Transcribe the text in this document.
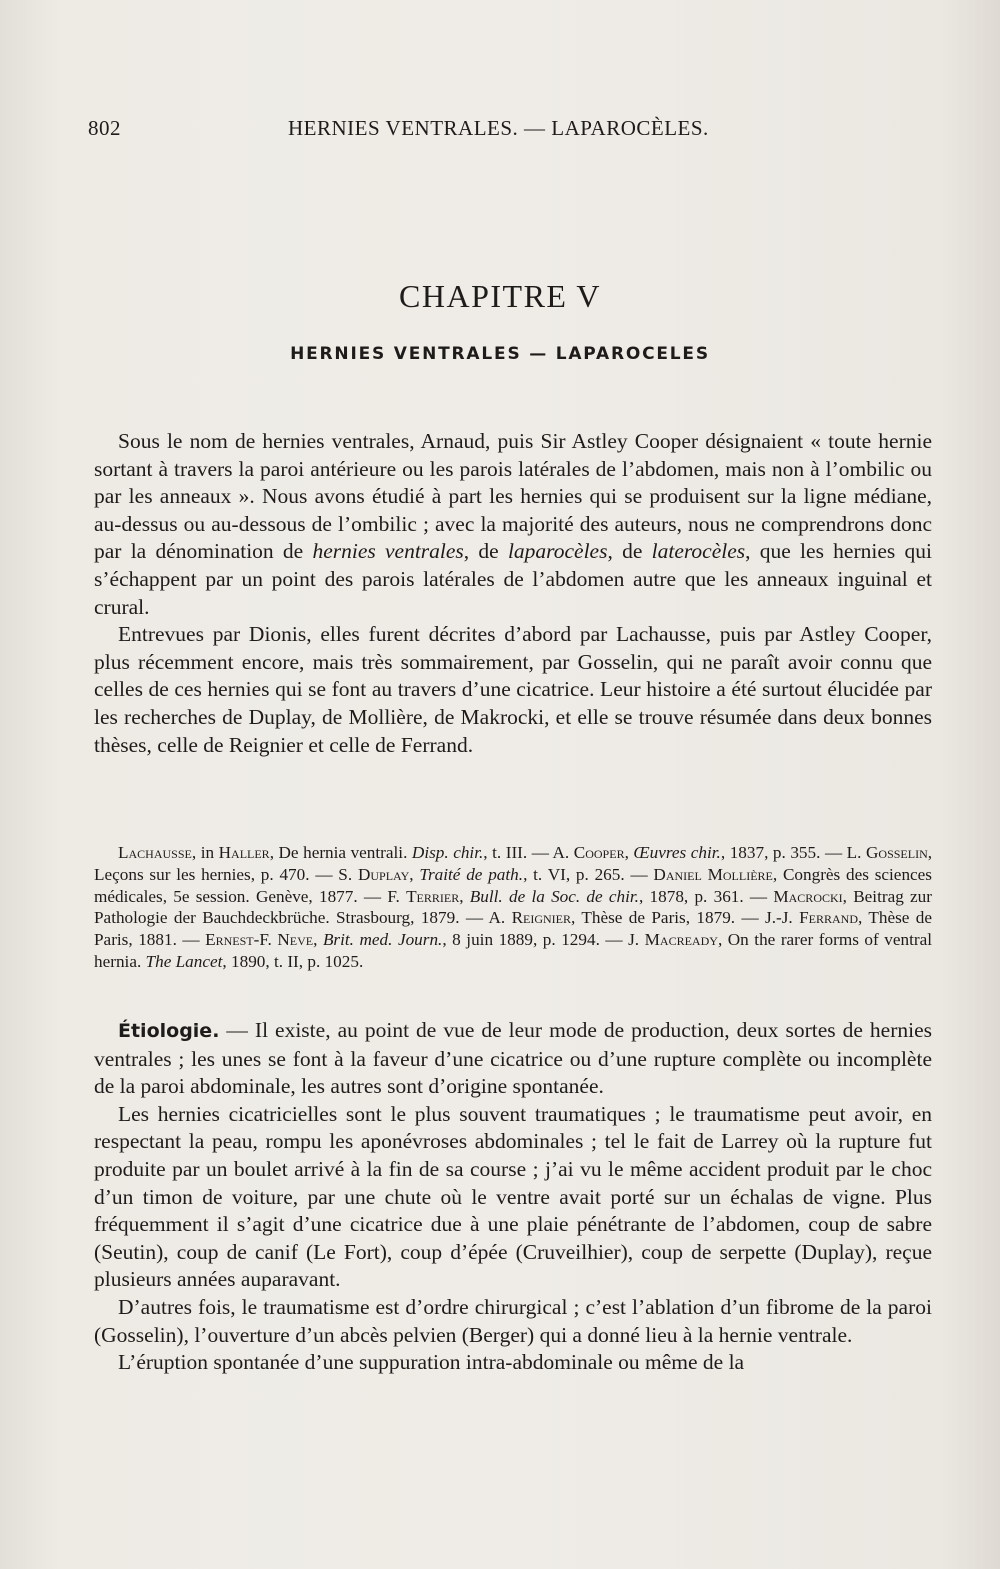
802	HERNIES VENTRALES. — LAPAROCÈLES.
CHAPITRE V
HERNIES VENTRALES — LAPAROCELES

Sous le nom de hernies ventrales, Arnaud, puis Sir Astley Cooper désignaient « toute hernie sortant à travers la paroi antérieure ou les parois latérales de l’abdomen, mais non à l’ombilic ou par les anneaux ». Nous avons étudié à part les hernies qui se produisent sur la ligne médiane, au-dessus ou au-dessous de l’ombilic ; avec la majorité des auteurs, nous ne comprendrons donc par la dénomination de hernies ventrales, de laparocèles, de laterocèles, que les hernies qui s’échappent par un point des parois latérales de l’abdomen autre que les anneaux inguinal et crural.

Entrevues par Dionis, elles furent décrites d’abord par Lachausse, puis par Astley Cooper, plus récemment encore, mais très sommairement, par Gosselin, qui ne paraît avoir connu que celles de ces hernies qui se font au travers d’une cicatrice. Leur histoire a été surtout élucidée par les recherches de Duplay, de Mollière, de Makrocki, et elle se trouve résumée dans deux bonnes thèses, celle de Reignier et celle de Ferrand.

Lachausse, in Haller, De hernia ventrali. Disp. chir., t. III. — A. Cooper, Œuvres chir., 1837, p. 355. — L. Gosselin, Leçons sur les hernies, p. 470. — S. Duplay, Traité de path., t. VI, p. 265. — Daniel Mollière, Congrès des sciences médicales, 5e session. Genève, 1877. — F. Terrier, Bull. de la Soc. de chir., 1878, p. 361. — Macrocki, Beitrag zur Pathologie der Bauchdeckbrüche. Strasbourg, 1879. — A. Reignier, Thèse de Paris, 1879. — J.-J. Ferrand, Thèse de Paris, 1881. — Ernest-F. Neve, Brit. med. Journ., 8 juin 1889, p. 1294. — J. Macready, On the rarer forms of ventral hernia. The Lancet, 1890, t. II, p. 1025.

Étiologie. — Il existe, au point de vue de leur mode de production, deux sortes de hernies ventrales ; les unes se font à la faveur d’une cicatrice ou d’une rupture complète ou incomplète de la paroi abdominale, les autres sont d’origine spontanée.

Les hernies cicatricielles sont le plus souvent traumatiques ; le traumatisme peut avoir, en respectant la peau, rompu les aponévroses abdominales ; tel le fait de Larrey où la rupture fut produite par un boulet arrivé à la fin de sa course ; j’ai vu le même accident produit par le choc d’un timon de voiture, par une chute où le ventre avait porté sur un échalas de vigne. Plus fréquemment il s’agit d’une cicatrice due à une plaie pénétrante de l’abdomen, coup de sabre (Seutin), coup de canif (Le Fort), coup d’épée (Cruveilhier), coup de serpette (Duplay), reçue plusieurs années auparavant.

D’autres fois, le traumatisme est d’ordre chirurgical ; c’est l’ablation d’un fibrome de la paroi (Gosselin), l’ouverture d’un abcès pelvien (Berger) qui a donné lieu à la hernie ventrale.

L’éruption spontanée d’une suppuration intra-abdominale ou même de la
